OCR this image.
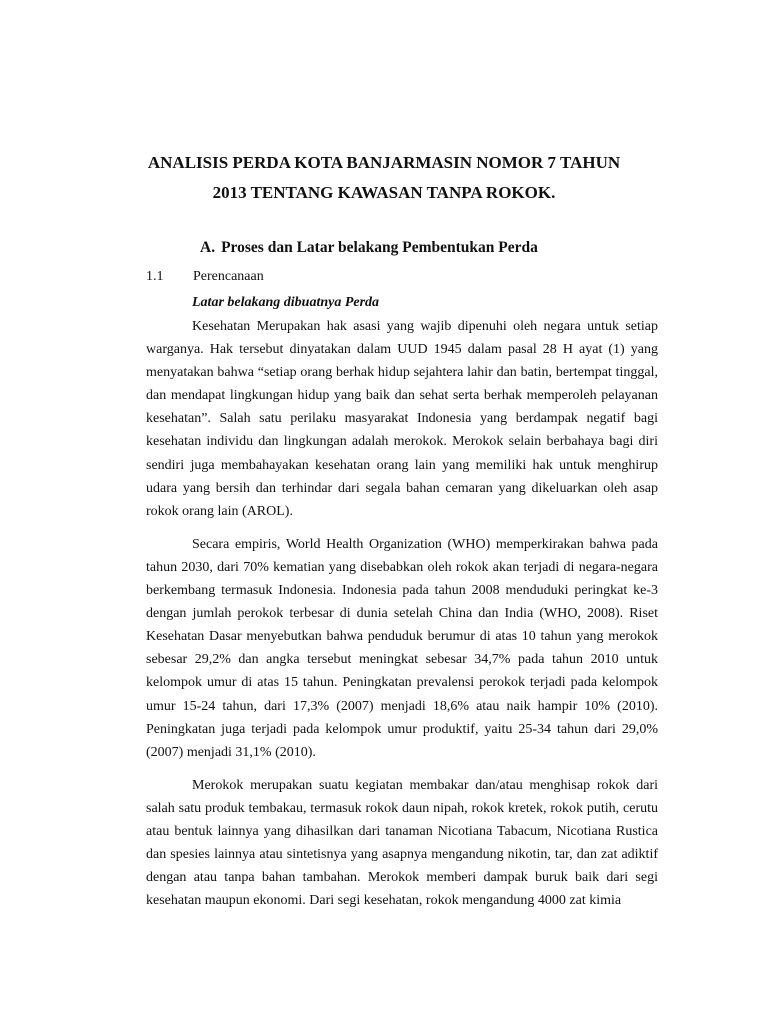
ANALISIS PERDA KOTA BANJARMASIN NOMOR 7 TAHUN
2013 TENTANG KAWASAN TANPA ROKOK.
A. Proses dan Latar belakang Pembentukan Perda
1.1 Perencanaan
Latar belakang dibuatnya Perda

Kesehatan Merupakan hak asasi yang wajib dipenuhi oleh negara untuk setiap warganya. Hak tersebut dinyatakan dalam UUD 1945 dalam pasal 28 H ayat (1) yang menyatakan bahwa “setiap orang berhak hidup sejahtera lahir dan batin, bertempat tinggal, dan mendapat lingkungan hidup yang baik dan sehat serta berhak memperoleh pelayanan kesehatan”. Salah satu perilaku masyarakat Indonesia yang berdampak negatif bagi kesehatan individu dan lingkungan adalah merokok. Merokok selain berbahaya bagi diri sendiri juga membahayakan kesehatan orang lain yang memiliki hak untuk menghirup udara yang bersih dan terhindar dari segala bahan cemaran yang dikeluarkan oleh asap rokok orang lain (AROL).

Secara empiris, World Health Organization (WHO) memperkirakan bahwa pada tahun 2030, dari 70% kematian yang disebabkan oleh rokok akan terjadi di negara-negara berkembang termasuk Indonesia. Indonesia pada tahun 2008 menduduki peringkat ke-3 dengan jumlah perokok terbesar di dunia setelah China dan India (WHO, 2008). Riset Kesehatan Dasar menyebutkan bahwa penduduk berumur di atas 10 tahun yang merokok sebesar 29,2% dan angka tersebut meningkat sebesar 34,7% pada tahun 2010 untuk kelompok umur di atas 15 tahun. Peningkatan prevalensi perokok terjadi pada kelompok umur 15-24 tahun, dari 17,3% (2007) menjadi 18,6% atau naik hampir 10% (2010). Peningkatan juga terjadi pada kelompok umur produktif, yaitu 25-34 tahun dari 29,0% (2007) menjadi 31,1% (2010).

Merokok merupakan suatu kegiatan membakar dan/atau menghisap rokok dari salah satu produk tembakau, termasuk rokok daun nipah, rokok kretek, rokok putih, cerutu atau bentuk lainnya yang dihasilkan dari tanaman Nicotiana Tabacum, Nicotiana Rustica dan spesies lainnya atau sintetisnya yang asapnya mengandung nikotin, tar, dan zat adiktif dengan atau tanpa bahan tambahan. Merokok memberi dampak buruk baik dari segi kesehatan maupun ekonomi. Dari segi kesehatan, rokok mengandung 4000 zat kimia
